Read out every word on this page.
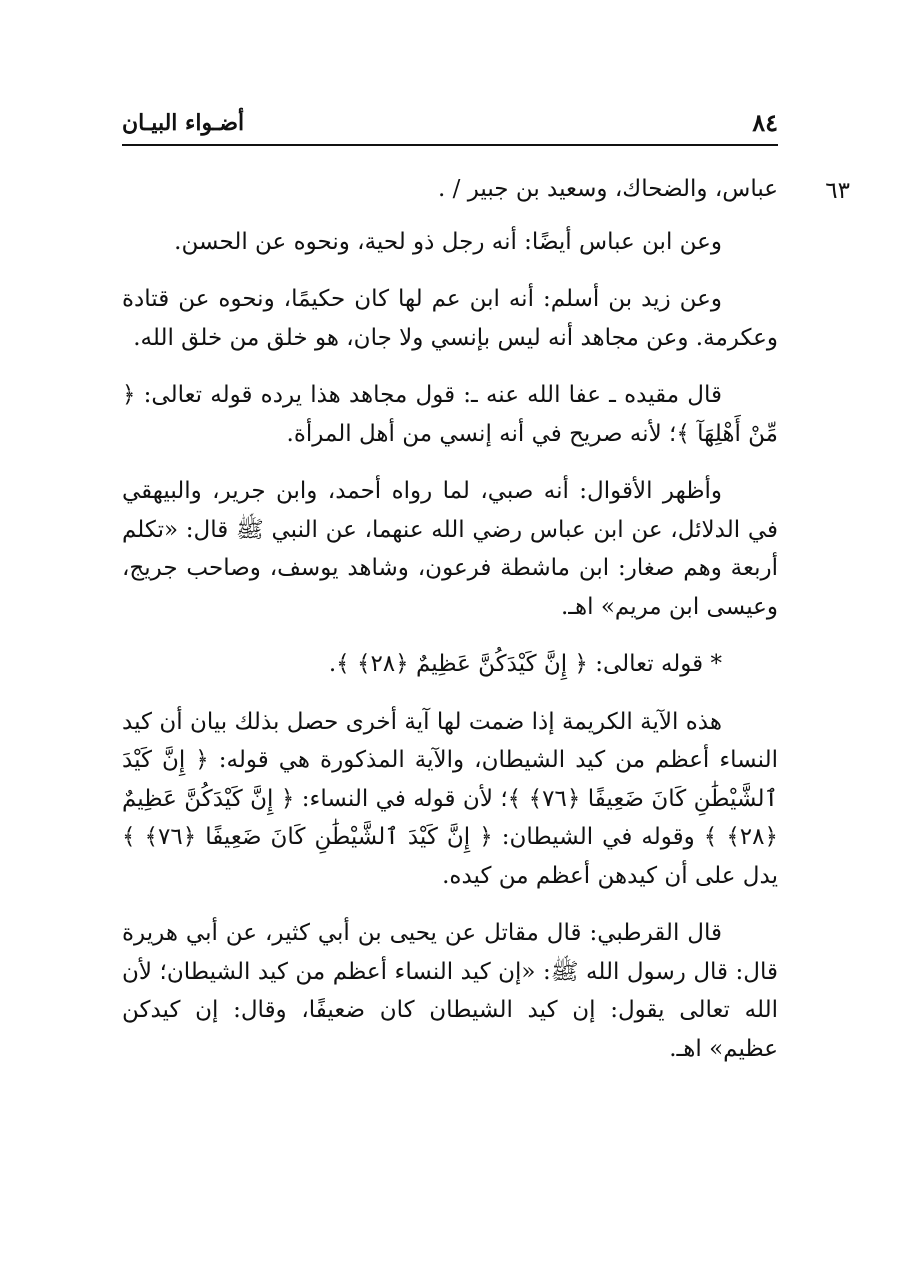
٨٤
أضـواء البيـان
٦٣

عباس، والضحاك، وسعيد بن جبير / .

وعن ابن عباس أيضًا: أنه رجل ذو لحية، ونحوه عن الحسن.

وعن زيد بن أسلم: أنه ابن عم لها كان حكيمًا، ونحوه عن قتادة وعكرمة. وعن مجاهد أنه ليس بإنسي ولا جان، هو خلق من خلق الله.

قال مقيده ـ عفا الله عنه ـ: قول مجاهد هذا يرده قوله تعالى: ﴿ مِّنْ أَهْلِهَآ ﴾؛ لأنه صريح في أنه إنسي من أهل المرأة.

وأظهر الأقوال: أنه صبي، لما رواه أحمد، وابن جرير، والبيهقي في الدلائل، عن ابن عباس رضي الله عنهما، عن النبي ﷺ قال: «تكلم أربعة وهم صغار: ابن ماشطة فرعون، وشاهد يوسف، وصاحب جريج، وعيسى ابن مريم» اهـ.

* قوله تعالى: ﴿ إِنَّ كَيْدَكُنَّ عَظِيمٌ ﴿٢٨﴾ ﴾.

هذه الآية الكريمة إذا ضمت لها آية أخرى حصل بذلك بيان أن كيد النساء أعظم من كيد الشيطان، والآية المذكورة هي قوله: ﴿ إِنَّ كَيْدَ ٱلشَّيْطَٰنِ كَانَ ضَعِيفًا ﴿٧٦﴾ ﴾؛ لأن قوله في النساء: ﴿ إِنَّ كَيْدَكُنَّ عَظِيمٌ ﴿٢٨﴾ ﴾ وقوله في الشيطان: ﴿ إِنَّ كَيْدَ ٱلشَّيْطَٰنِ كَانَ ضَعِيفًا ﴿٧٦﴾ ﴾ يدل على أن كيدهن أعظم من كيده.

قال القرطبي: قال مقاتل عن يحيى بن أبي كثير، عن أبي هريرة قال: قال رسول الله ﷺ: «إن كيد النساء أعظم من كيد الشيطان؛ لأن الله تعالى يقول: إن كيد الشيطان كان ضعيفًا، وقال: إن كيدكن عظيم» اهـ.
